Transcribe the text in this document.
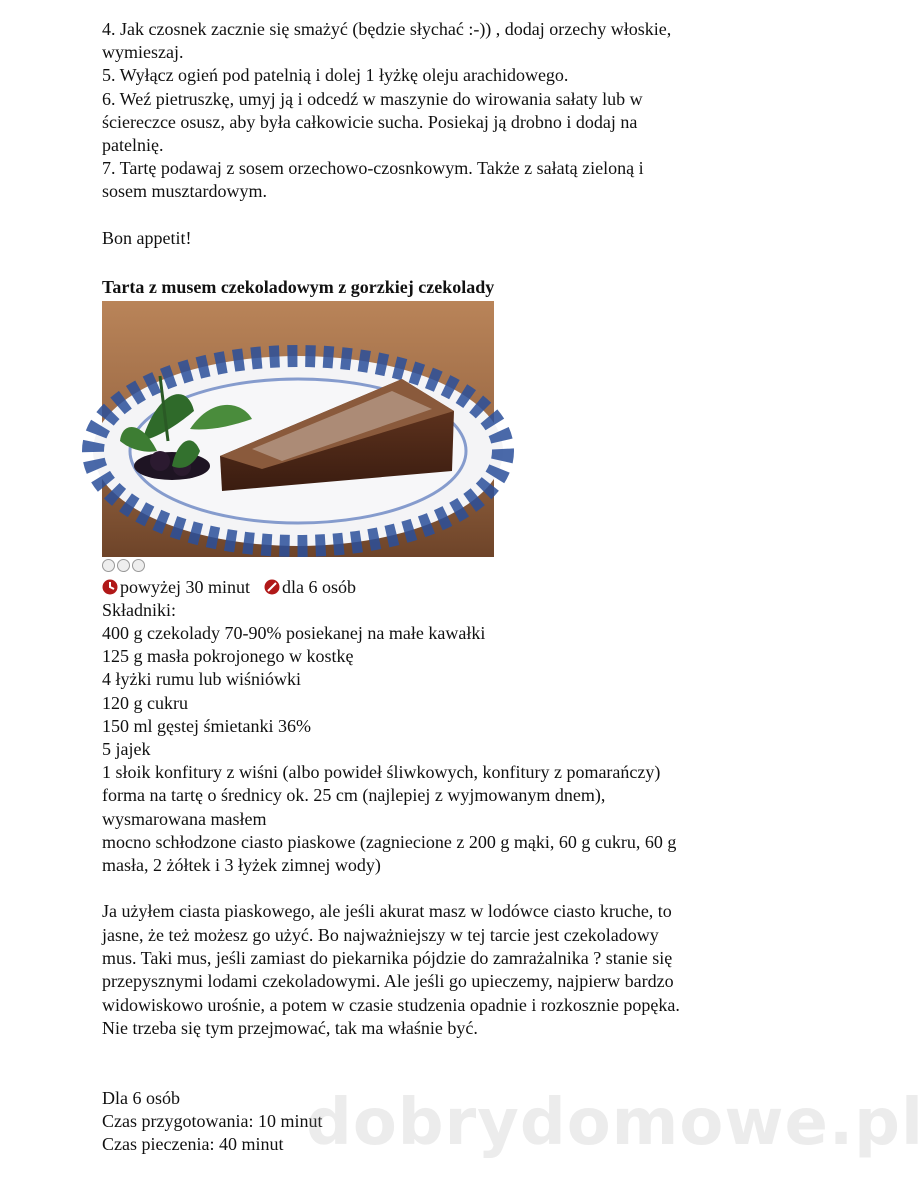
4. Jak czosnek zacznie się smażyć (będzie słychać :-)) , dodaj orzechy włoskie,
wymieszaj.
5. Wyłącz ogień pod patelnią i dolej 1 łyżkę oleju arachidowego.
6. Weź pietruszkę, umyj ją i odcedź w maszynie do wirowania sałaty lub w
ściereczce osusz, aby była całkowicie sucha. Posiekaj ją drobno i dodaj na
patelnię.
7. Tartę podawaj z sosem orzechowo-czosnkowym. Także z sałatą zieloną i
sosem musztardowym.
Bon appetit!
Tarta z musem czekoladowym z gorzkiej czekolady
powyżej 30 minut dla 6 osób
Składniki:
400 g czekolady 70-90% posiekanej na małe kawałki
125 g masła pokrojonego w kostkę
4 łyżki rumu lub wiśniówki
120 g cukru
150 ml gęstej śmietanki 36%
5 jajek
1 słoik konfitury z wiśni (albo powideł śliwkowych, konfitury z pomarańczy)
forma na tartę o średnicy ok. 25 cm (najlepiej z wyjmowanym dnem),
wysmarowana masłem
mocno schłodzone ciasto piaskowe (zagniecione z 200 g mąki, 60 g cukru, 60 g
masła, 2 żółtek i 3 łyżek zimnej wody)
Ja użyłem ciasta piaskowego, ale jeśli akurat masz w lodówce ciasto kruche, to
jasne, że też możesz go użyć. Bo najważniejszy w tej tarcie jest czekoladowy
mus. Taki mus, jeśli zamiast do piekarnika pójdzie do zamrażalnika ? stanie się
przepysznymi lodami czekoladowymi. Ale jeśli go upieczemy, najpierw bardzo
widowiskowo urośnie, a potem w czasie studzenia opadnie i rozkosznie popęka.
Nie trzeba się tym przejmować, tak ma właśnie być.
Dla 6 osób
Czas przygotowania: 10 minut
Czas pieczenia: 40 minut dobrydomowe.pl
